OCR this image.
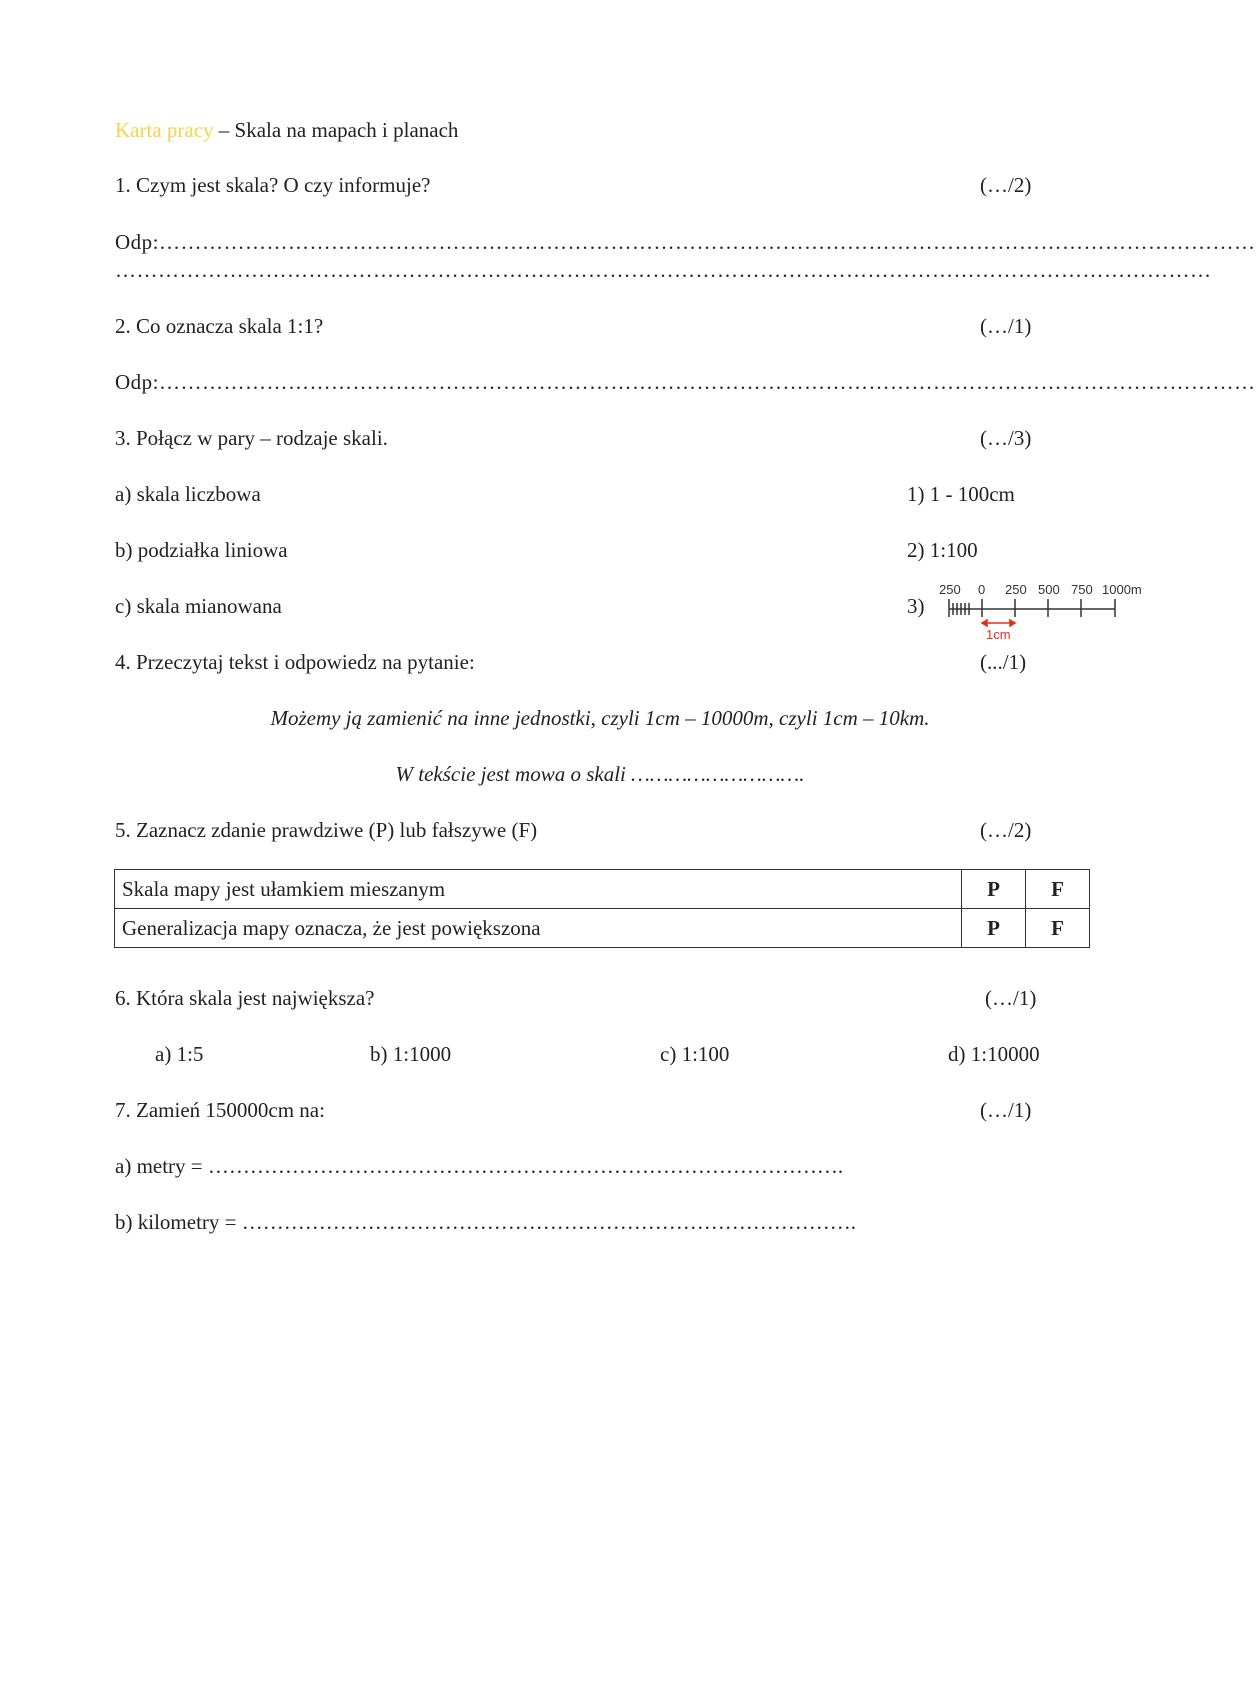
Karta pracy – Skala na mapach i planach
1. Czym jest skala? O czy informuje?	(…/2)
Odp:………………………………………………………………………………………………………………………………………
………………………………………………………………………………………………………………………………………
2. Co oznacza skala 1:1?	(…/1)
Odp:………………………………………………………………………………………………………………………………………
3. Połącz w pary – rodzaje skali.	(…/3)
a) skala liczbowa
b) podziałka liniowa
c) skala mianowana
1) 1 - 100cm
2) 1:100
3)
250 0 250 500 750 1000m
1cm
4. Przeczytaj tekst i odpowiedz na pytanie:	(.../1)
Możemy ją zamienić na inne jednostki, czyli 1cm – 10000m, czyli 1cm – 10km.
W tekście jest mowa o skali ……………………….
5. Zaznacz zdanie prawdziwe (P) lub fałszywe (F)	(…/2)
Skala mapy jest ułamkiem mieszanym	P	F
Generalizacja mapy oznacza, że jest powiększona	P	F
6. Która skala jest największa?	(…/1)
a) 1:5	b) 1:1000	c) 1:100	d) 1:10000
7. Zamień 150000cm na:	(…/1)
a) metry = ……………………………………………………………………………….
b) kilometry = …………………………………………………………………………….
